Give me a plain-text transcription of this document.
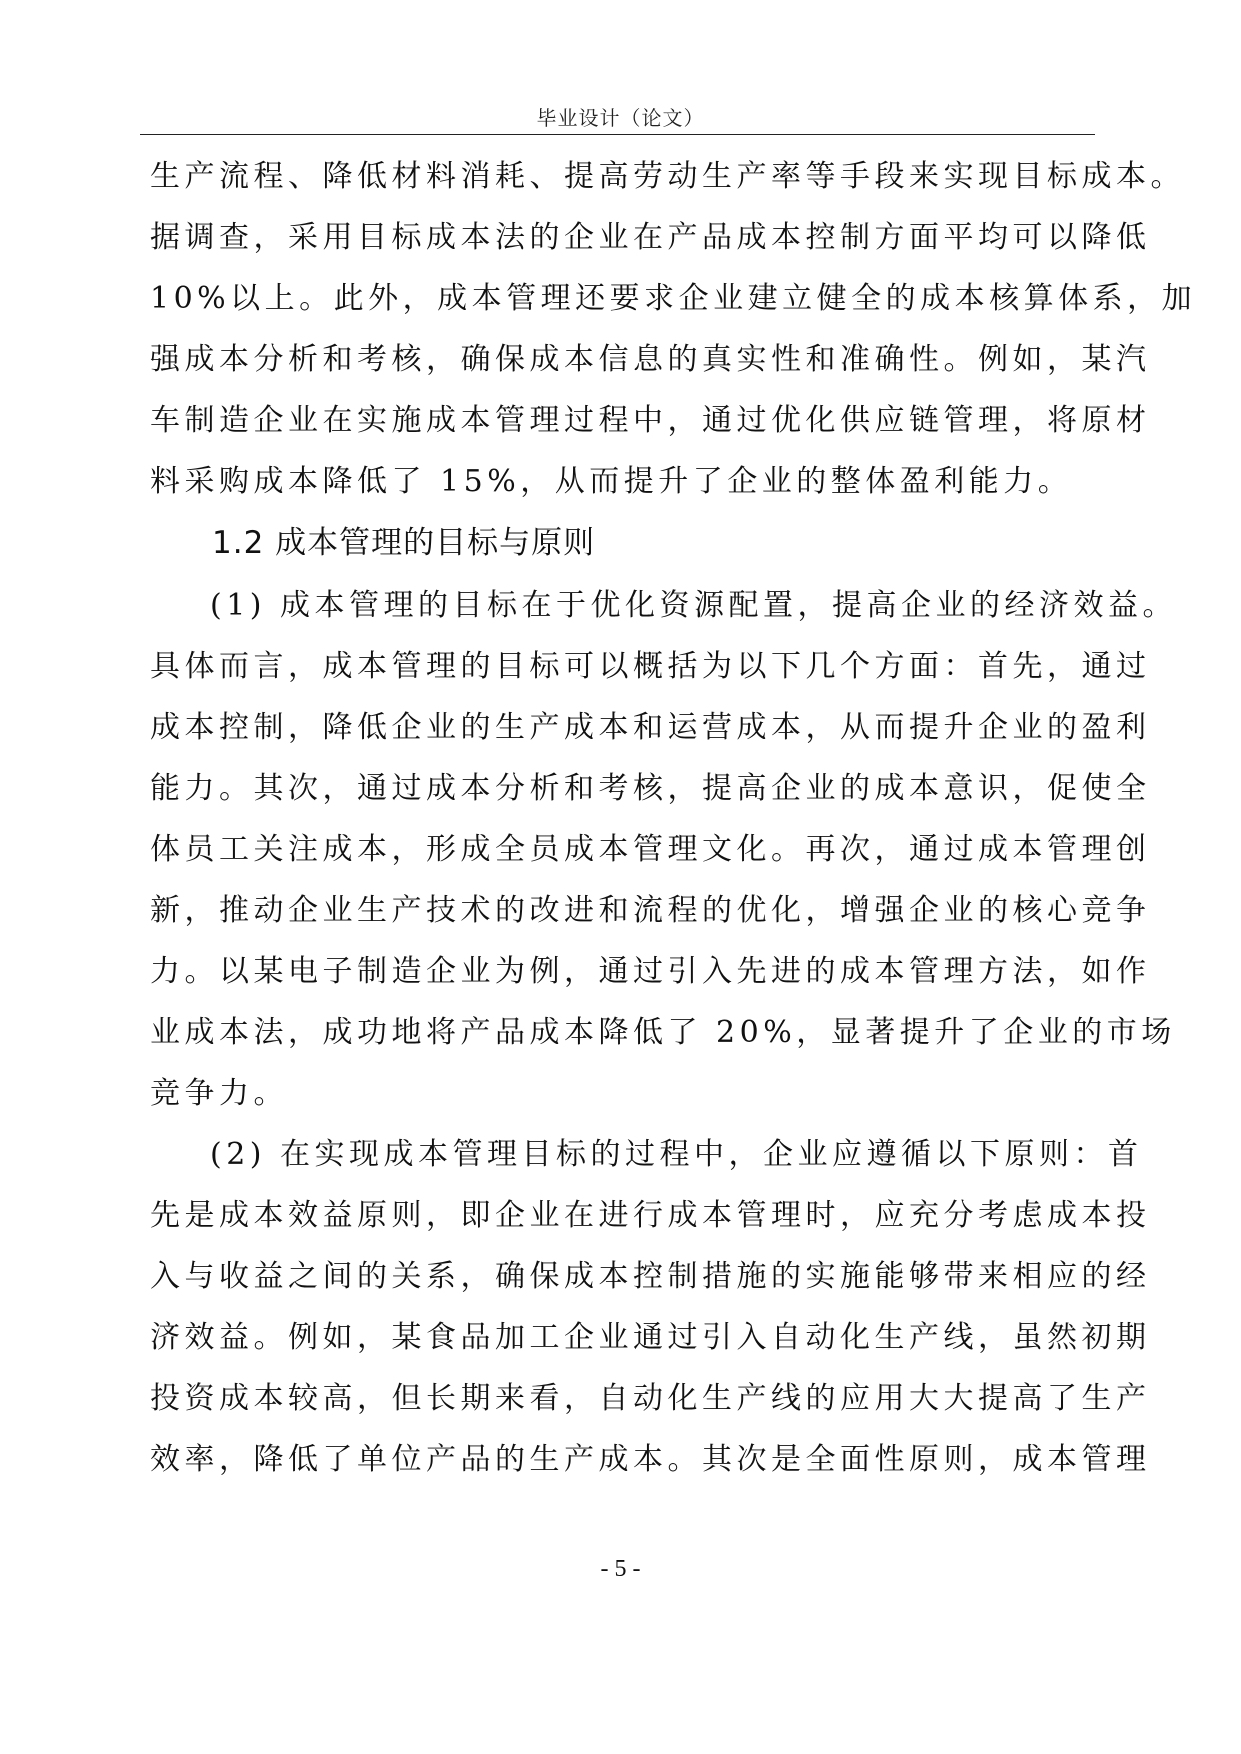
毕业设计（论文）
生产流程、降低材料消耗、提高劳动生产率等手段来实现目标成本。
据调查，采用目标成本法的企业在产品成本控制方面平均可以降低
10%以上。此外，成本管理还要求企业建立健全的成本核算体系，加
强成本分析和考核，确保成本信息的真实性和准确性。例如，某汽
车制造企业在实施成本管理过程中，通过优化供应链管理，将原材
料采购成本降低了 15%，从而提升了企业的整体盈利能力。
1.2 成本管理的目标与原则
(1) 成本管理的目标在于优化资源配置，提高企业的经济效益。
具体而言，成本管理的目标可以概括为以下几个方面：首先，通过
成本控制，降低企业的生产成本和运营成本，从而提升企业的盈利
能力。其次，通过成本分析和考核，提高企业的成本意识，促使全
体员工关注成本，形成全员成本管理文化。再次，通过成本管理创
新，推动企业生产技术的改进和流程的优化，增强企业的核心竞争
力。以某电子制造企业为例，通过引入先进的成本管理方法，如作
业成本法，成功地将产品成本降低了 20%，显著提升了企业的市场
竞争力。
(2) 在实现成本管理目标的过程中，企业应遵循以下原则：首
先是成本效益原则，即企业在进行成本管理时，应充分考虑成本投
入与收益之间的关系，确保成本控制措施的实施能够带来相应的经
济效益。例如，某食品加工企业通过引入自动化生产线，虽然初期
投资成本较高，但长期来看，自动化生产线的应用大大提高了生产
效率，降低了单位产品的生产成本。其次是全面性原则，成本管理
- 5 -
